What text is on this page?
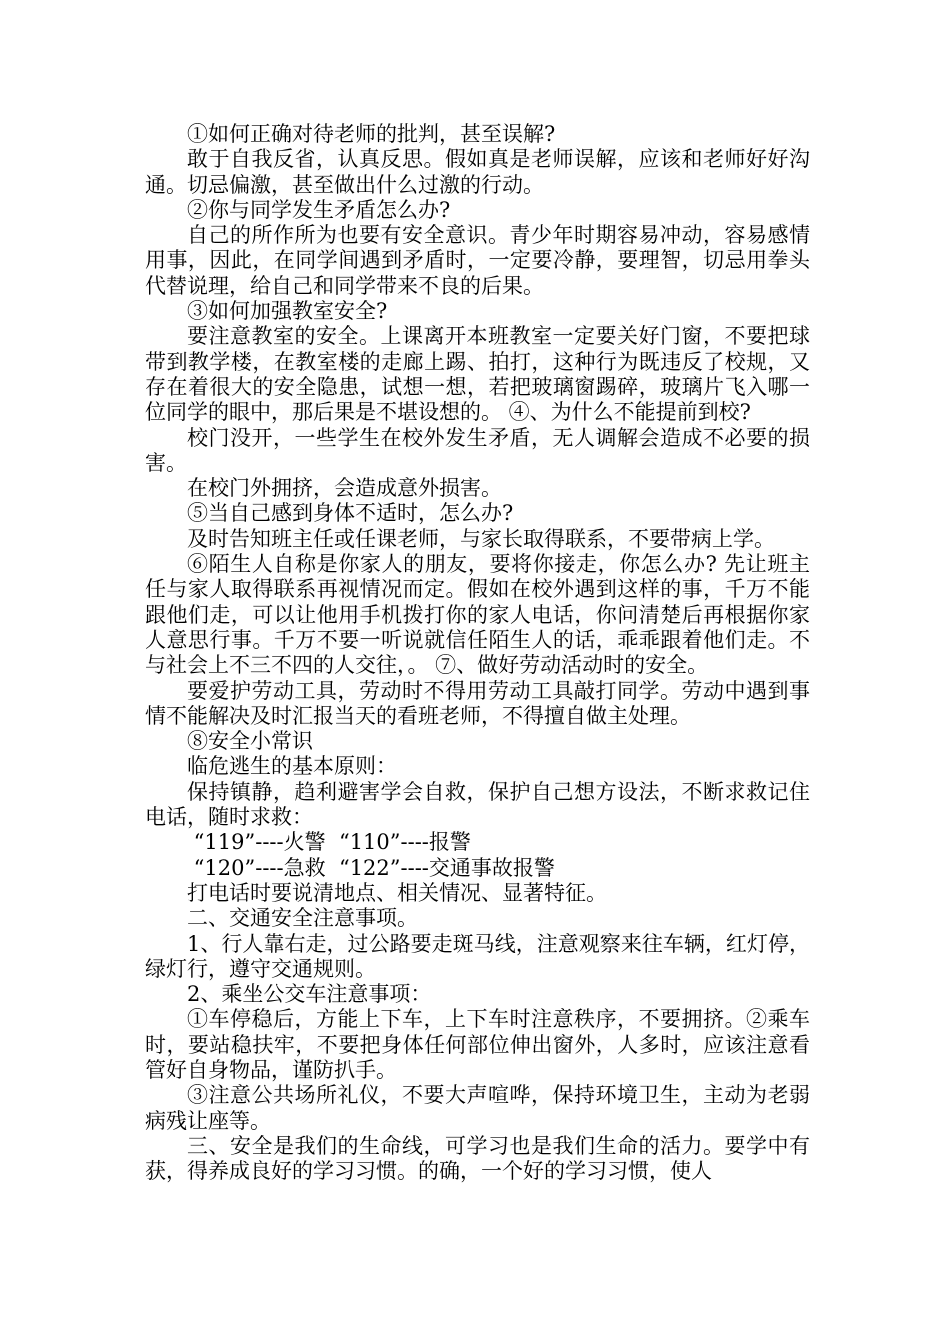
①如何正确对待老师的批判，甚至误解?

敢于自我反省，认真反思。假如真是老师误解，应该和老师好好沟通。切忌偏激，甚至做出什么过激的行动。

②你与同学发生矛盾怎么办?

自己的所作所为也要有安全意识。青少年时期容易冲动，容易感情用事，因此，在同学间遇到矛盾时，一定要冷静，要理智，切忌用拳头代替说理，给自己和同学带来不良的后果。

③如何加强教室安全?

要注意教室的安全。上课离开本班教室一定要关好门窗，不要把球带到教学楼，在教室楼的走廊上踢、拍打，这种行为既违反了校规，又存在着很大的安全隐患，试想一想，若把玻璃窗踢碎，玻璃片飞入哪一位同学的眼中，那后果是不堪设想的。 ④、为什么不能提前到校?

校门没开，一些学生在校外发生矛盾，无人调解会造成不必要的损害。

在校门外拥挤，会造成意外损害。

⑤当自己感到身体不适时，怎么办?

及时告知班主任或任课老师，与家长取得联系，不要带病上学。

⑥陌生人自称是你家人的朋友，要将你接走，你怎么办? 先让班主任与家人取得联系再视情况而定。假如在校外遇到这样的事，千万不能跟他们走，可以让他用手机拨打你的家人电话，你问清楚后再根据你家人意思行事。千万不要一听说就信任陌生人的话，乖乖跟着他们走。不与社会上不三不四的人交往，。 ⑦、做好劳动活动时的安全。

要爱护劳动工具，劳动时不得用劳动工具敲打同学。劳动中遇到事情不能解决及时汇报当天的看班老师，不得擅自做主处理。

⑧安全小常识

临危逃生的基本原则：

保持镇静，趋利避害学会自救，保护自己想方设法，不断求救记住电话，随时求救：

“119”----火警  “110”----报警

“120”----急救  “122”----交通事故报警

打电话时要说清地点、相关情况、显著特征。

二、交通安全注意事项。

1、行人靠右走，过公路要走斑马线，注意观察来往车辆，红灯停，绿灯行，遵守交通规则。

2、乘坐公交车注意事项：

①车停稳后，方能上下车，上下车时注意秩序，不要拥挤。②乘车时，要站稳扶牢，不要把身体任何部位伸出窗外，人多时，应该注意看管好自身物品，谨防扒手。

③注意公共场所礼仪，不要大声喧哗，保持环境卫生，主动为老弱病残让座等。

三、安全是我们的生命线，可学习也是我们生命的活力。要学中有获，得养成良好的学习习惯。的确，一个好的学习习惯，使人
